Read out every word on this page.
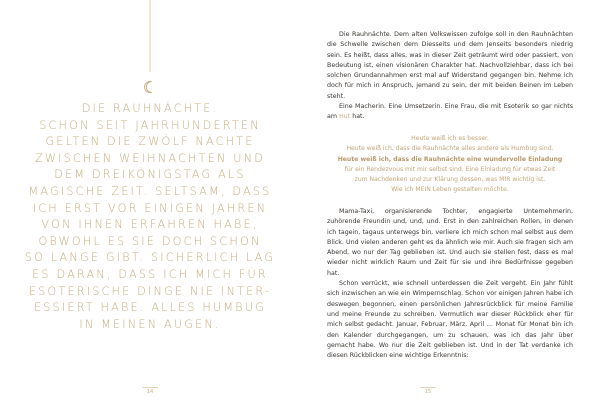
DIE RAUHNÄCHTE.
SCHON SEIT JAHRHUNDERTEN
GELTEN DIE ZWÖLF NÄCHTE
ZWISCHEN WEIHNACHTEN UND
DEM DREIKÖNIGSTAG ALS
MAGISCHE ZEIT. SELTSAM, DASS
ICH ERST VOR EINIGEN JAHREN
VON IHNEN ERFAHREN HABE,
OBWOHL ES SIE DOCH SCHON
SO LANGE GIBT. SICHERLICH LAG
ES DARAN, DASS ICH MICH FÜR
ESOTERISCHE DINGE NIE INTER-
ESSIERT HABE. ALLES HUMBUG
IN MEINEN AUGEN.
14

Die Rauhnächte. Dem alten Volkswissen zufolge soll in den Rauhnächten die Schwelle zwischen dem Diesseits und dem Jenseits besonders niedrig sein. Es heißt, dass alles, was in dieser Zeit geträumt wird oder passiert, von Bedeutung ist, einen visionären Charakter hat. Nachvollziehbar, dass ich bei solchen Grundannahmen erst mal auf Widerstand gegangen bin. Nehme ich doch für mich in Anspruch, jemand zu sein, der mit beiden Beinen im Leben steht.

Eine Macherin. Eine Umsetzerin. Eine Frau, die mit Esoterik so gar nichts am Hut hat.

Heute weiß ich es besser.
Heute weiß ich, dass die Rauhnächte alles andere als Humbug sind.
Heute weiß ich, dass die Rauhnächte eine wundervolle Einladung
für ein Rendezvous mit mir selbst sind. Eine Einladung für etwas Zeit
zum Nachdenken und zur Klärung dessen, was MIR wichtig ist.
Wie ich MEIN Leben gestalten möchte.

Mama-Taxi, organisierende Tochter, engagierte Unternehmerin, zuhörende Freundin und, und, und. Erst in den zahlreichen Rollen, in denen ich tagein, tagaus unterwegs bin, verliere ich mich schon mal selbst aus dem Blick. Und vielen anderen geht es da ähnlich wie mir. Auch sie fragen sich am Abend, wo nur der Tag geblieben ist. Und auch sie stellen fest, dass es mal wieder nicht wirklich Raum und Zeit für sie und ihre Bedürfnisse gegeben hat.

Schon verrückt, wie schnell unterdessen die Zeit vergeht. Ein Jahr fühlt sich inzwischen an wie ein Wimpernschlag. Schon vor einigen Jahren habe ich deswegen begonnen, einen persönlichen Jahresrückblick für meine Familie und meine Freunde zu schreiben. Vermutlich war dieser Rückblick eher für mich selbst gedacht. Januar, Februar, März, April … Monat für Monat bin ich den Kalender durchgegangen, um zu schauen, was ich das Jahr über gemacht habe. Wo nur die Zeit geblieben ist. Und in der Tat verdanke ich diesen Rückblicken eine wichtige Erkenntnis:

15
